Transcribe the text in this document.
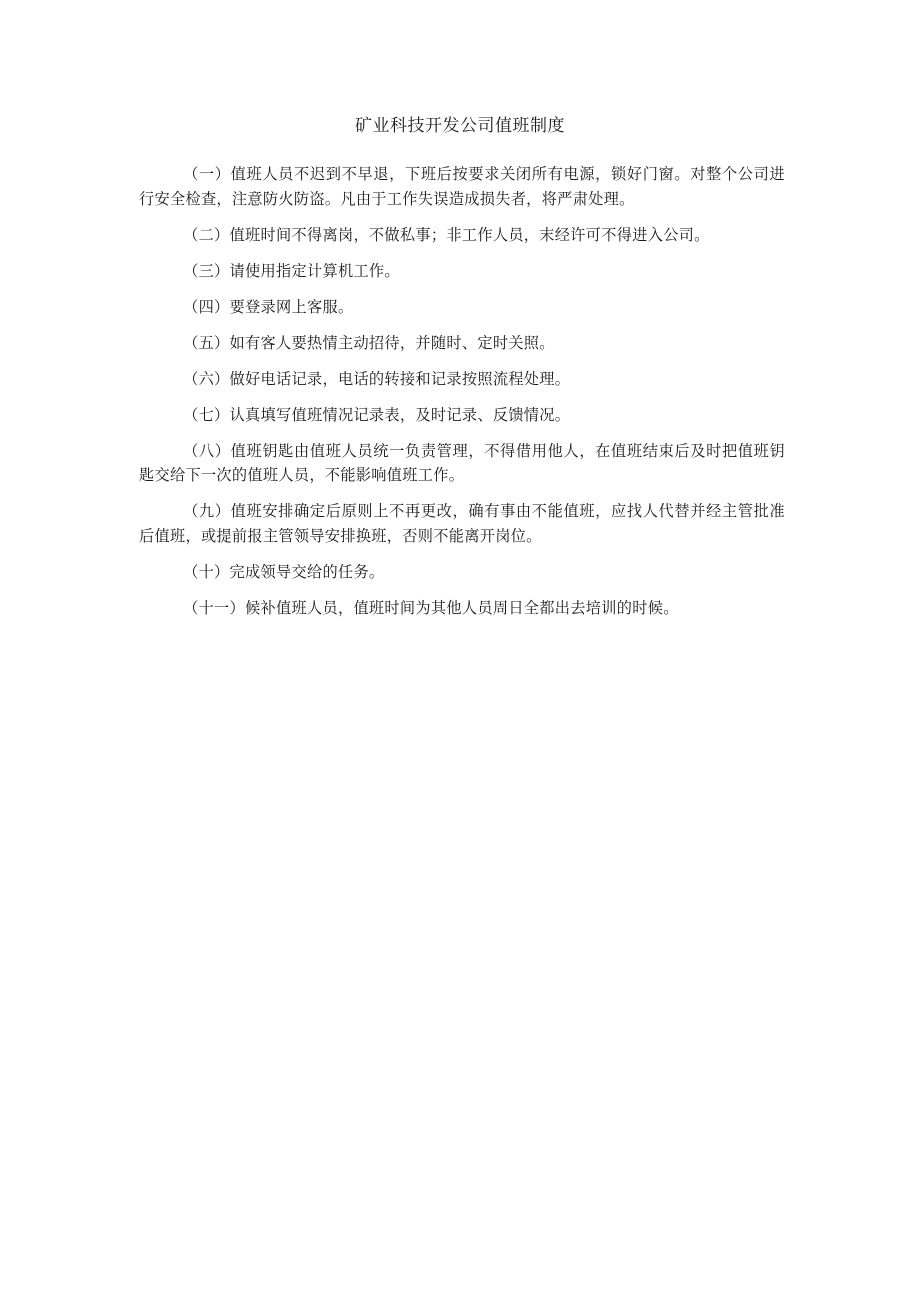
矿业科技开发公司值班制度

（一）值班人员不迟到不早退，下班后按要求关闭所有电源，锁好门窗。对整个公司进行安全检查，注意防火防盗。凡由于工作失误造成损失者，将严肃处理。

（二）值班时间不得离岗，不做私事；非工作人员，末经许可不得进入公司。

（三）请使用指定计算机工作。

（四）要登录网上客服。

（五）如有客人要热情主动招待，并随时、定时关照。

（六）做好电话记录，电话的转接和记录按照流程处理。

（七）认真填写值班情况记录表，及时记录、反馈情况。

（八）值班钥匙由值班人员统一负责管理，不得借用他人，在值班结束后及时把值班钥匙交给下一次的值班人员，不能影响值班工作。

（九）值班安排确定后原则上不再更改，确有事由不能值班，应找人代替并经主管批准后值班，或提前报主管领导安排换班，否则不能离开岗位。

（十）完成领导交给的任务。

（十一）候补值班人员，值班时间为其他人员周日全都出去培训的时候。
